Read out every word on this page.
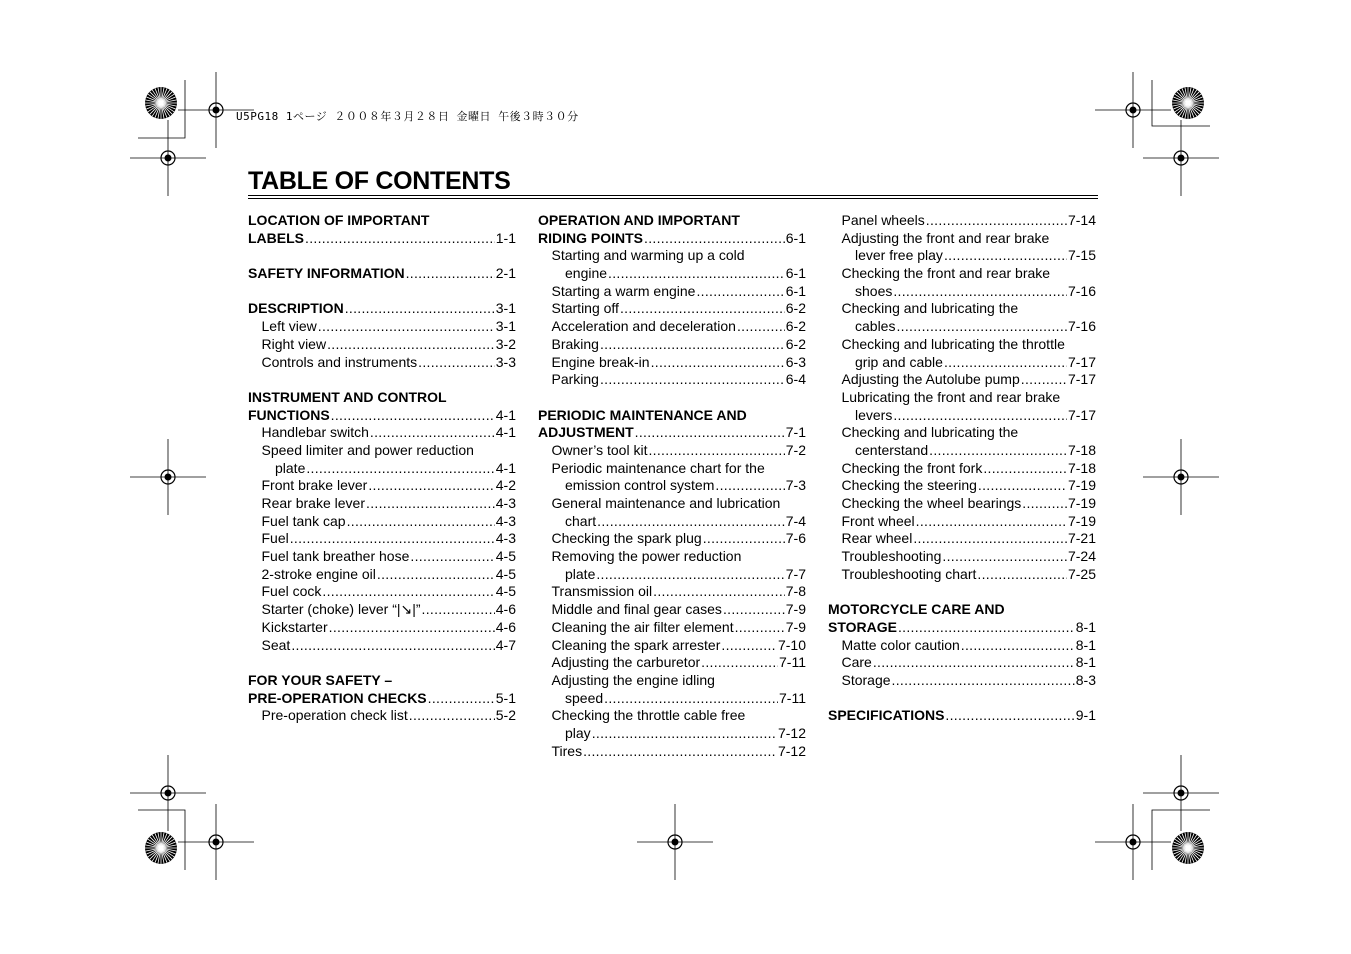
U5PG18 1ページ ２００８年３月２８日 金曜日 午後３時３０分
TABLE OF CONTENTS
LOCATION OF IMPORTANT
LABELS .....	1-1
SAFETY INFORMATION .....	2-1
DESCRIPTION .....	3-1
Left view .....	3-1
Right view .....	3-2
Controls and instruments .....	3-3
INSTRUMENT AND CONTROL
FUNCTIONS .....	4-1
Handlebar switch .....	4-1
Speed limiter and power reduction
plate .....	4-1
Front brake lever .....	4-2
Rear brake lever .....	4-3
Fuel tank cap .....	4-3
Fuel .....	4-3
Fuel tank breather hose .....	4-5
2-stroke engine oil .....	4-5
Fuel cock .....	4-5
Starter (choke) lever “|↘|” .....	4-6
Kickstarter .....	4-6
Seat .....	4-7
FOR YOUR SAFETY –
PRE-OPERATION CHECKS .....	5-1
Pre-operation check list .....	5-2
OPERATION AND IMPORTANT
RIDING POINTS .....	6-1
Starting and warming up a cold
engine .....	6-1
Starting a warm engine .....	6-1
Starting off .....	6-2
Acceleration and deceleration .....	6-2
Braking .....	6-2
Engine break-in .....	6-3
Parking .....	6-4
PERIODIC MAINTENANCE AND
ADJUSTMENT .....	7-1
Owner’s tool kit .....	7-2
Periodic maintenance chart for the
emission control system .....	7-3
General maintenance and lubrication
chart .....	7-4
Checking the spark plug .....	7-6
Removing the power reduction
plate .....	7-7
Transmission oil .....	7-8
Middle and final gear cases .....	7-9
Cleaning the air filter element .....	7-9
Cleaning the spark arrester .....	7-10
Adjusting the carburetor .....	7-11
Adjusting the engine idling
speed .....	7-11
Checking the throttle cable free
play .....	7-12
Tires .....	7-12
Panel wheels .....	7-14
Adjusting the front and rear brake
lever free play .....	7-15
Checking the front and rear brake
shoes .....	7-16
Checking and lubricating the
cables .....	7-16
Checking and lubricating the throttle
grip and cable .....	7-17
Adjusting the Autolube pump .....	7-17
Lubricating the front and rear brake
levers .....	7-17
Checking and lubricating the
centerstand .....	7-18
Checking the front fork .....	7-18
Checking the steering .....	7-19
Checking the wheel bearings .....	7-19
Front wheel .....	7-19
Rear wheel .....	7-21
Troubleshooting .....	7-24
Troubleshooting chart .....	7-25
MOTORCYCLE CARE AND
STORAGE .....	8-1
Matte color caution .....	8-1
Care .....	8-1
Storage .....	8-3
SPECIFICATIONS .....	9-1
